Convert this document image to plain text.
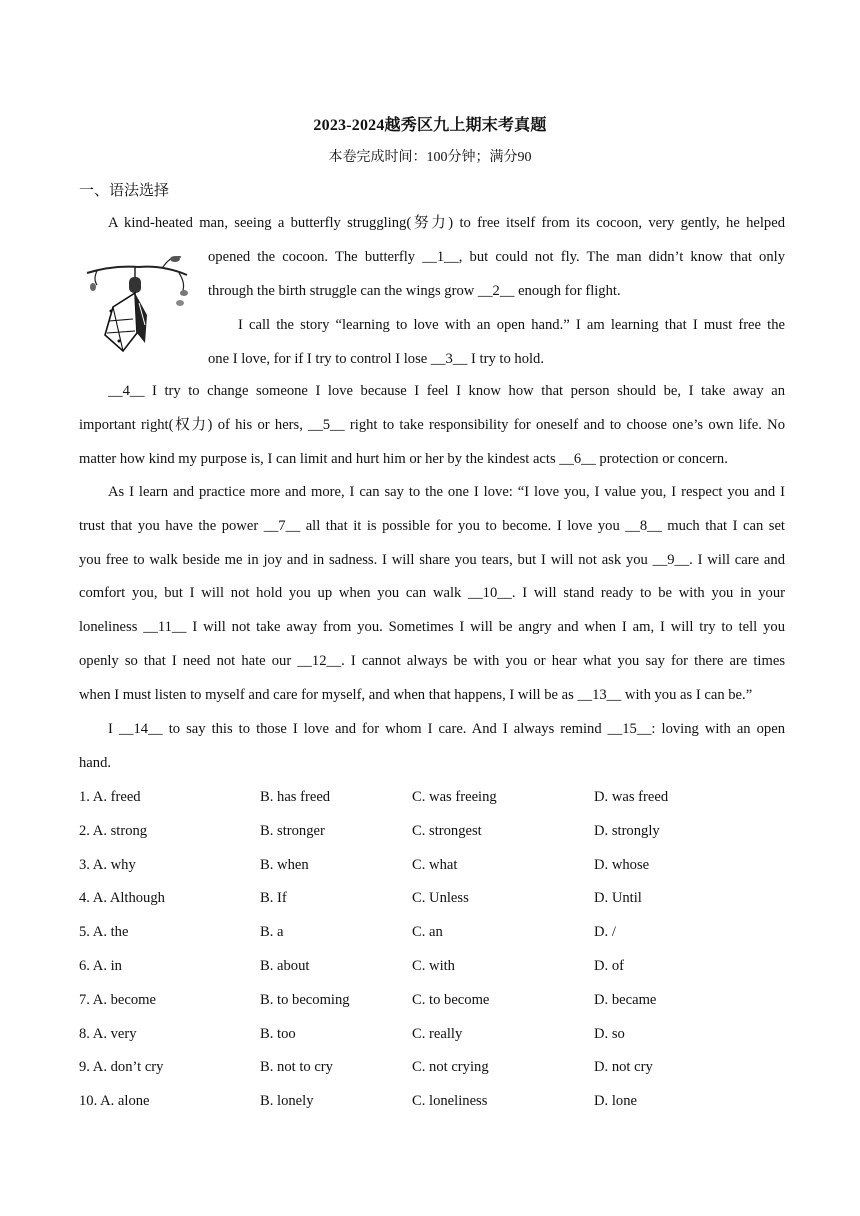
2023-2024越秀区九上期末考真题
本卷完成时间：100分钟；满分90
一、语法选择
A kind-heated man, seeing a butterfly struggling(努力) to free itself from its cocoon, very gently, he helped
opened the cocoon. The butterfly __1__, but could not fly. The man didn’t know that only
through the birth struggle can the wings grow __2__ enough for flight.
I call the story “learning to love with an open hand.” I am learning that I must free the
one I love, for if I try to control I lose __3__ I try to hold.
__4__ I try to change someone I love because I feel I know how that person should be, I take away an
important right(权力) of his or hers, __5__ right to take responsibility for oneself and to choose one’s own life. No
matter how kind my purpose is, I can limit and hurt him or her by the kindest acts __6__ protection or concern.
As I learn and practice more and more, I can say to the one I love: “I love you, I value you, I respect you and I
trust that you have the power __7__ all that it is possible for you to become. I love you __8__ much that I can set
you free to walk beside me in joy and in sadness. I will share you tears, but I will not ask you __9__. I will care and
comfort you, but I will not hold you up when you can walk __10__. I will stand ready to be with you in your
loneliness __11__ I will not take away from you. Sometimes I will be angry and when I am, I will try to tell you
openly so that I need not hate our __12__. I cannot always be with you or hear what you say for there are times
when I must listen to myself and care for myself, and when that happens, I will be as __13__ with you as I can be.”
I __14__ to say this to those I love and for whom I care. And I always remind __15__: loving with an open
hand.
1. A. freed	B. has freed	C. was freeing	D. was freed
2. A. strong	B. stronger	C. strongest	D. strongly
3. A. why	B. when	C. what	D. whose
4. A. Although	B. If	C. Unless	D. Until
5. A. the	B. a	C. an	D. /
6. A. in	B. about	C. with	D. of
7. A. become	B. to becoming	C. to become	D. became
8. A. very	B. too	C. really	D. so
9. A. don’t cry	B. not to cry	C. not crying	D. not cry
10. A. alone	B. lonely	C. loneliness	D. lone
